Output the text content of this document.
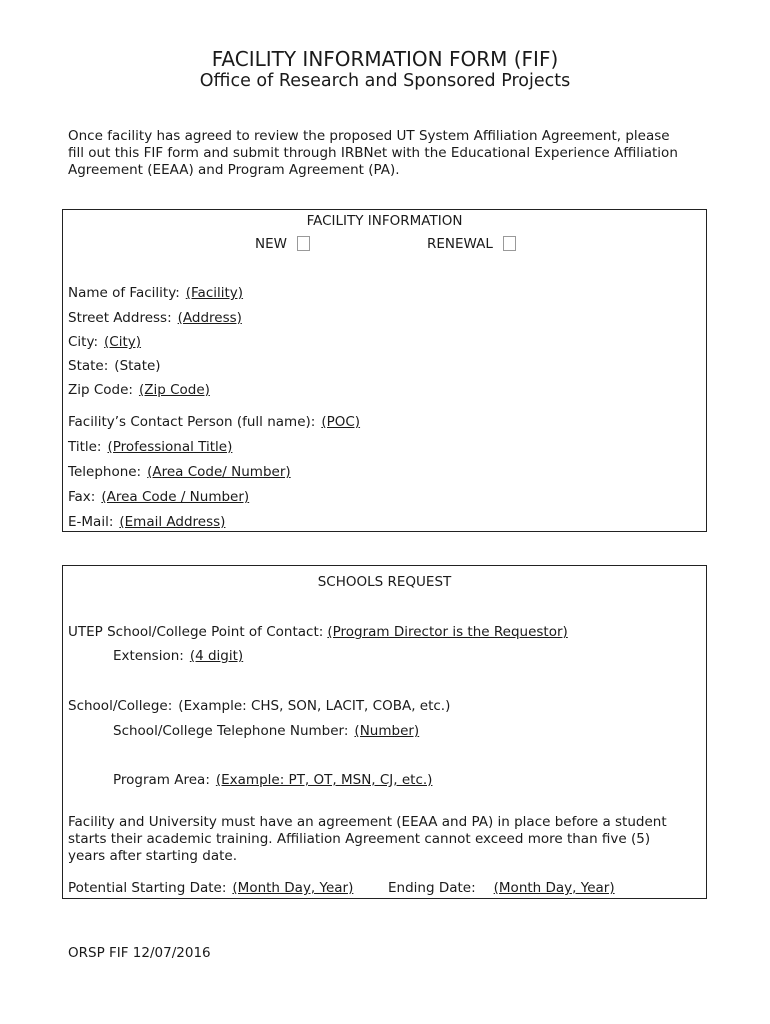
FACILITY INFORMATION FORM (FIF)
Office of Research and Sponsored Projects
Once facility has agreed to review the proposed UT System Affiliation Agreement, please
fill out this FIF form and submit through IRBNet with the Educational Experience Affiliation
Agreement (EEAA) and Program Agreement (PA).
FACILITY INFORMATION
NEW	RENEWAL
Name of Facility: (Facility)
Street Address: (Address)
City: (City)
State: (State)
Zip Code: (Zip Code)
Facility’s Contact Person (full name): (POC)
Title: (Professional Title)
Telephone: (Area Code/ Number)
Fax: (Area Code / Number)
E-Mail: (Email Address)
SCHOOLS REQUEST
UTEP School/College Point of Contact: (Program Director is the Requestor)
Extension: (4 digit)
School/College: (Example: CHS, SON, LACIT, COBA, etc.)
School/College Telephone Number: (Number)
Program Area: (Example: PT, OT, MSN, CJ, etc.)
Facility and University must have an agreement (EEAA and PA) in place before a student
starts their academic training. Affiliation Agreement cannot exceed more than five (5)
years after starting date.
Potential Starting Date: (Month Day, Year)	Ending Date: (Month Day, Year)
ORSP FIF 12/07/2016
